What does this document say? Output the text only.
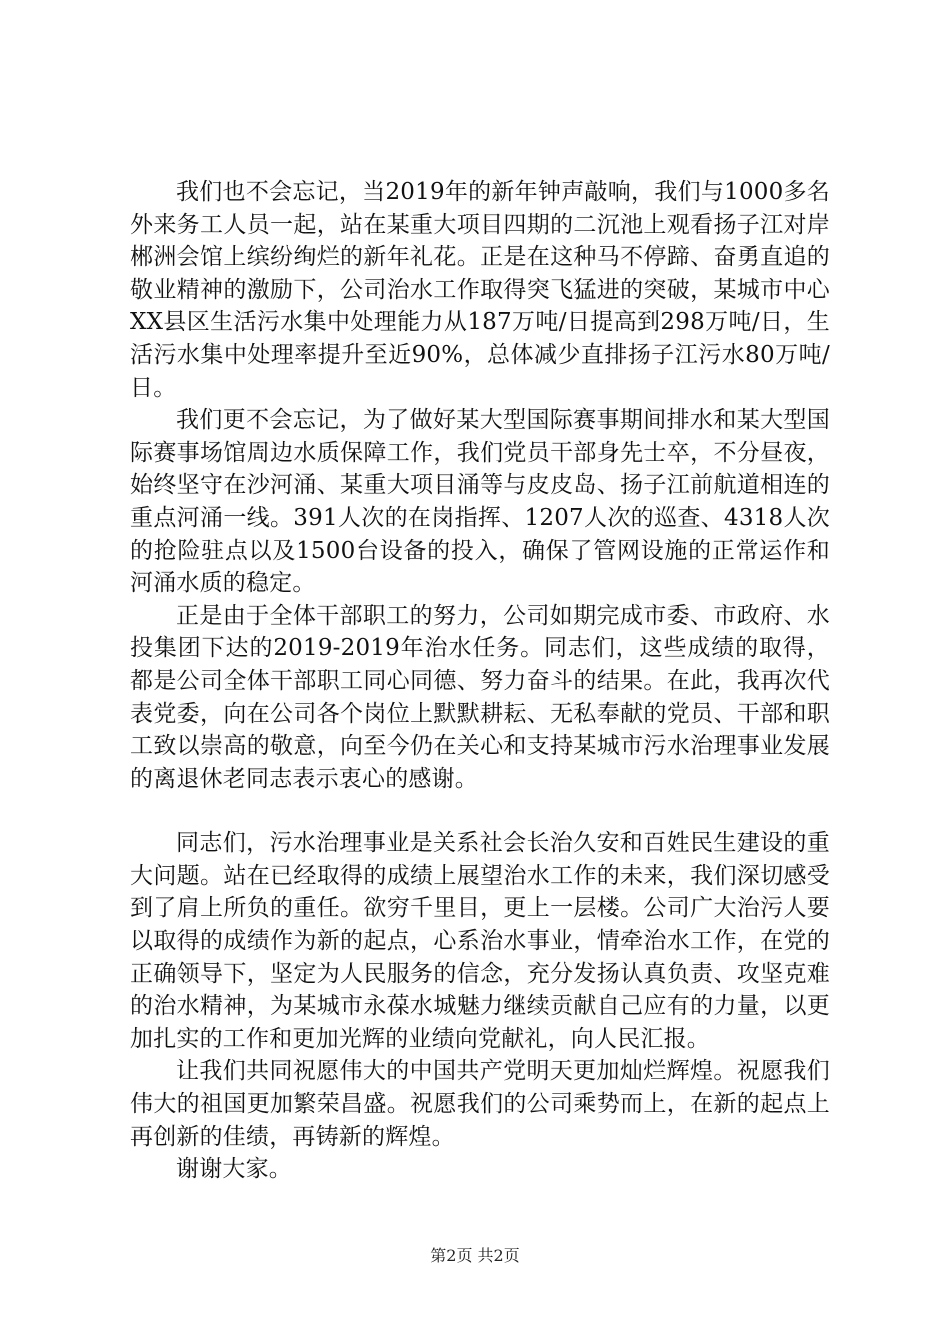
我们也不会忘记，当2019年的新年钟声敲响，我们与1000多名外来务工人员一起，站在某重大项目四期的二沉池上观看扬子江对岸郴洲会馆上缤纷绚烂的新年礼花。正是在这种马不停蹄、奋勇直追的敬业精神的激励下，公司治水工作取得突飞猛进的突破，某城市中心XX县区生活污水集中处理能力从187万吨/日提高到298万吨/日，生活污水集中处理率提升至近90%，总体减少直排扬子江污水80万吨/日。

我们更不会忘记，为了做好某大型国际赛事期间排水和某大型国际赛事场馆周边水质保障工作，我们党员干部身先士卒，不分昼夜，始终坚守在沙河涌、某重大项目涌等与皮皮岛、扬子江前航道相连的重点河涌一线。391人次的在岗指挥、1207人次的巡查、4318人次的抢险驻点以及1500台设备的投入，确保了管网设施的正常运作和河涌水质的稳定。

正是由于全体干部职工的努力，公司如期完成市委、市政府、水投集团下达的2019-2019年治水任务。同志们，这些成绩的取得，都是公司全体干部职工同心同德、努力奋斗的结果。在此，我再次代表党委，向在公司各个岗位上默默耕耘、无私奉献的党员、干部和职工致以崇高的敬意，向至今仍在关心和支持某城市污水治理事业发展的离退休老同志表示衷心的感谢。

同志们，污水治理事业是关系社会长治久安和百姓民生建设的重大问题。站在已经取得的成绩上展望治水工作的未来，我们深切感受到了肩上所负的重任。欲穷千里目，更上一层楼。公司广大治污人要以取得的成绩作为新的起点，心系治水事业，情牵治水工作，在党的正确领导下，坚定为人民服务的信念，充分发扬认真负责、攻坚克难的治水精神，为某城市永葆水城魅力继续贡献自己应有的力量，以更加扎实的工作和更加光辉的业绩向党献礼，向人民汇报。

让我们共同祝愿伟大的中国共产党明天更加灿烂辉煌。祝愿我们伟大的祖国更加繁荣昌盛。祝愿我们的公司乘势而上，在新的起点上再创新的佳绩，再铸新的辉煌。

谢谢大家。

第2页 共2页
